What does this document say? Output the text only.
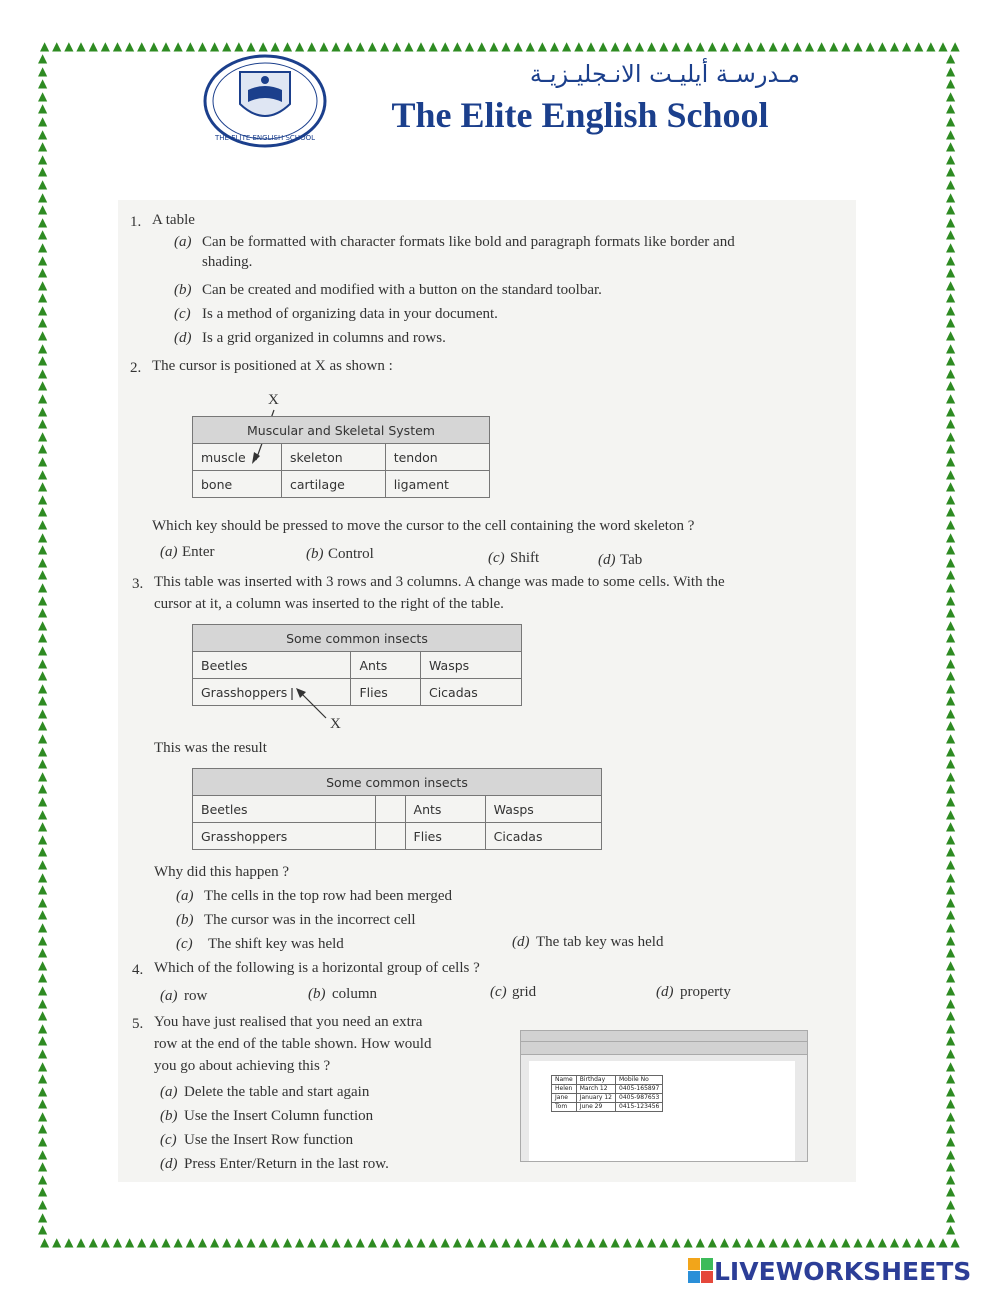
▲ ▲ ▲ ▲ ▲ ▲ ▲ ▲ ▲ ▲ ▲ ▲ ▲ ▲ ▲ ▲ ▲ ▲ ▲ ▲ ▲ ▲ ▲ ▲ ▲ ▲ ▲ ▲ ▲ ▲ ▲ ▲ ▲ ▲ ▲ ▲ ▲ ▲ ▲ ▲ ▲ ▲ ▲ ▲ ▲ ▲ ▲ ▲ ▲ ▲ ▲ ▲ ▲ ▲ ▲ ▲ ▲ ▲ ▲ ▲ ▲ ▲ ▲ ▲ ▲ ▲ ▲ ▲ ▲ ▲ ▲ ▲ ▲ ▲ ▲ ▲
▲ ▲ ▲ ▲ ▲ ▲ ▲ ▲ ▲ ▲ ▲ ▲ ▲ ▲ ▲ ▲ ▲ ▲ ▲ ▲ ▲ ▲ ▲ ▲ ▲ ▲ ▲ ▲ ▲ ▲ ▲ ▲ ▲ ▲ ▲ ▲ ▲ ▲ ▲ ▲ ▲ ▲ ▲ ▲ ▲ ▲ ▲ ▲ ▲ ▲ ▲ ▲ ▲ ▲ ▲ ▲ ▲ ▲ ▲ ▲ ▲ ▲ ▲ ▲ ▲ ▲ ▲ ▲ ▲ ▲ ▲ ▲ ▲ ▲ ▲ ▲
▲
▲
▲
▲
▲
▲
▲
▲
▲
▲
▲
▲
▲
▲
▲
▲
▲
▲
▲
▲
▲
▲
▲
▲
▲
▲
▲
▲
▲
▲
▲
▲
▲
▲
▲
▲
▲
▲
▲
▲
▲
▲
▲
▲
▲
▲
▲
▲
▲
▲
▲
▲
▲
▲
▲
▲
▲
▲
▲
▲
▲
▲
▲
▲
▲
▲
▲
▲
▲
▲
▲
▲
▲
▲
▲
▲
▲
▲
▲
▲
▲
▲
▲
▲
▲
▲
▲
▲
▲
▲
▲
▲
▲
▲
▲
▲
▲
▲
▲
▲
▲
▲
▲
▲
▲
▲
▲
▲
▲
▲
▲
▲
▲
▲
▲
▲
▲
▲
▲
▲
▲
▲
▲
▲
▲
▲
▲
▲
▲
▲
▲
▲
▲
▲
▲
▲
▲
▲
▲
▲
▲
▲
▲
▲
▲
▲
▲
▲
▲
▲
▲
▲
▲
▲
▲
▲
▲
▲
▲
▲
▲
▲
▲
▲
▲
▲
▲
▲
▲
▲
▲
▲
▲
▲
▲
▲
▲
▲
▲
▲
▲
▲
▲
▲
▲
▲
▲
▲
THE ELITE ENGLISH SCHOOL
مـدرسـة أيليـت الانـجليـزيـة
The Elite English School
1. A table
(a) Can be formatted with character formats like bold and paragraph formats like border and
shading.
(b) Can be created and modified with a button on the standard toolbar.
(c) Is a method of organizing data in your document.
(d) Is a grid organized in columns and rows.
2. The cursor is positioned at X as shown :
X
Muscular and Skeletal System		
muscle	skeleton	tendon
bone	cartilage	ligament
Which key should be pressed to move the cursor to the cell containing the word skeleton ?
(a) Enter	(b) Control	(c) Shift	(d) Tab
3. This table was inserted with 3 rows and 3 columns. A change was made to some cells. With the
cursor at it, a column was inserted to the right of the table.
Some common insects		
Beetles	Ants	Wasps
Grasshoppers	Flies	Cicadas
X
This was the result
Some common insects			
Beetles		Ants	Wasps
Grasshoppers		Flies	Cicadas
Why did this happen ?
(a) The cells in the top row had been merged
(b) The cursor was in the incorrect cell
(c) The shift key was held	(d) The tab key was held
4. Which of the following is a horizontal group of cells ?
(a) row	(b) column	(c) grid	(d) property
5. You have just realised that you need an extra
row at the end of the table shown. How would
you go about achieving this ?
(a) Delete the table and start again
(b) Use the Insert Column function
(c) Use the Insert Row function
(d) Press Enter/Return in the last row.
Name	Birthday	Mobile No
Helen	March 12	0405-165897
Jane	January 12	0405-987653
Tom	June 29	0415-123456
LIVEWORKSHEETS
